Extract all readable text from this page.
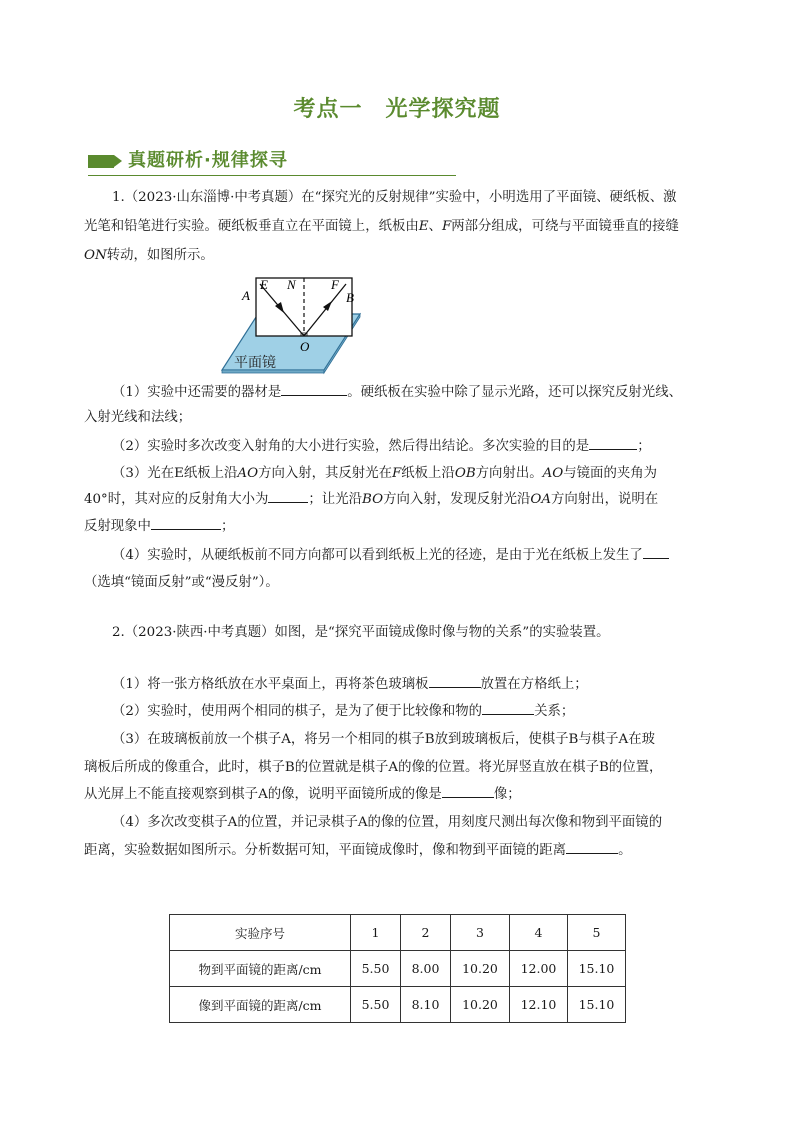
考点一　光学探究题
真题研析·规律探寻
1.（2023·山东淄博·中考真题）在“探究光的反射规律”实验中，小明选用了平面镜、硬纸板、激
光笔和铅笔进行实验。硬纸板垂直立在平面镜上，纸板由E、F两部分组成，可绕与平面镜垂直的接缝
ON转动，如图所示。
A
E N	F
B
O
平面镜
（1）实验中还需要的器材是	。硬纸板在实验中除了显示光路，还可以探究反射光线、
入射光线和法线；
（2）实验时多次改变入射角的大小进行实验，然后得出结论。多次实验的目的是	；
（3）光在E纸板上沿AO方向入射，其反射光在F纸板上沿OB方向射出。AO与镜面的夹角为
40°时，其对应的反射角大小为	；让光沿BO方向入射，发现反射光沿OA方向射出，说明在
反射现象中	；
（4）实验时，从硬纸板前不同方向都可以看到纸板上光的径迹，是由于光在纸板上发生了
（选填“镜面反射”或“漫反射”）。
2.（2023·陕西·中考真题）如图，是“探究平面镜成像时像与物的关系”的实验装置。
（1）将一张方格纸放在水平桌面上，再将茶色玻璃板	放置在方格纸上；
（2）实验时，使用两个相同的棋子，是为了便于比较像和物的	关系；
（3）在玻璃板前放一个棋子A，将另一个相同的棋子B放到玻璃板后，使棋子B与棋子A在玻
璃板后所成的像重合，此时，棋子B的位置就是棋子A的像的位置。将光屏竖直放在棋子B的位置，
从光屏上不能直接观察到棋子A的像，说明平面镜所成的像是	像；
（4）多次改变棋子A的位置，并记录棋子A的像的位置，用刻度尺测出每次像和物到平面镜的
距离，实验数据如图所示。分析数据可知，平面镜成像时，像和物到平面镜的距离	。
实验序号	1	2	3	4	5
物到平面镜的距离/cm	5.50	8.00	10.20	12.00	15.10
像到平面镜的距离/cm	5.50	8.10	10.20	12.10	15.10
